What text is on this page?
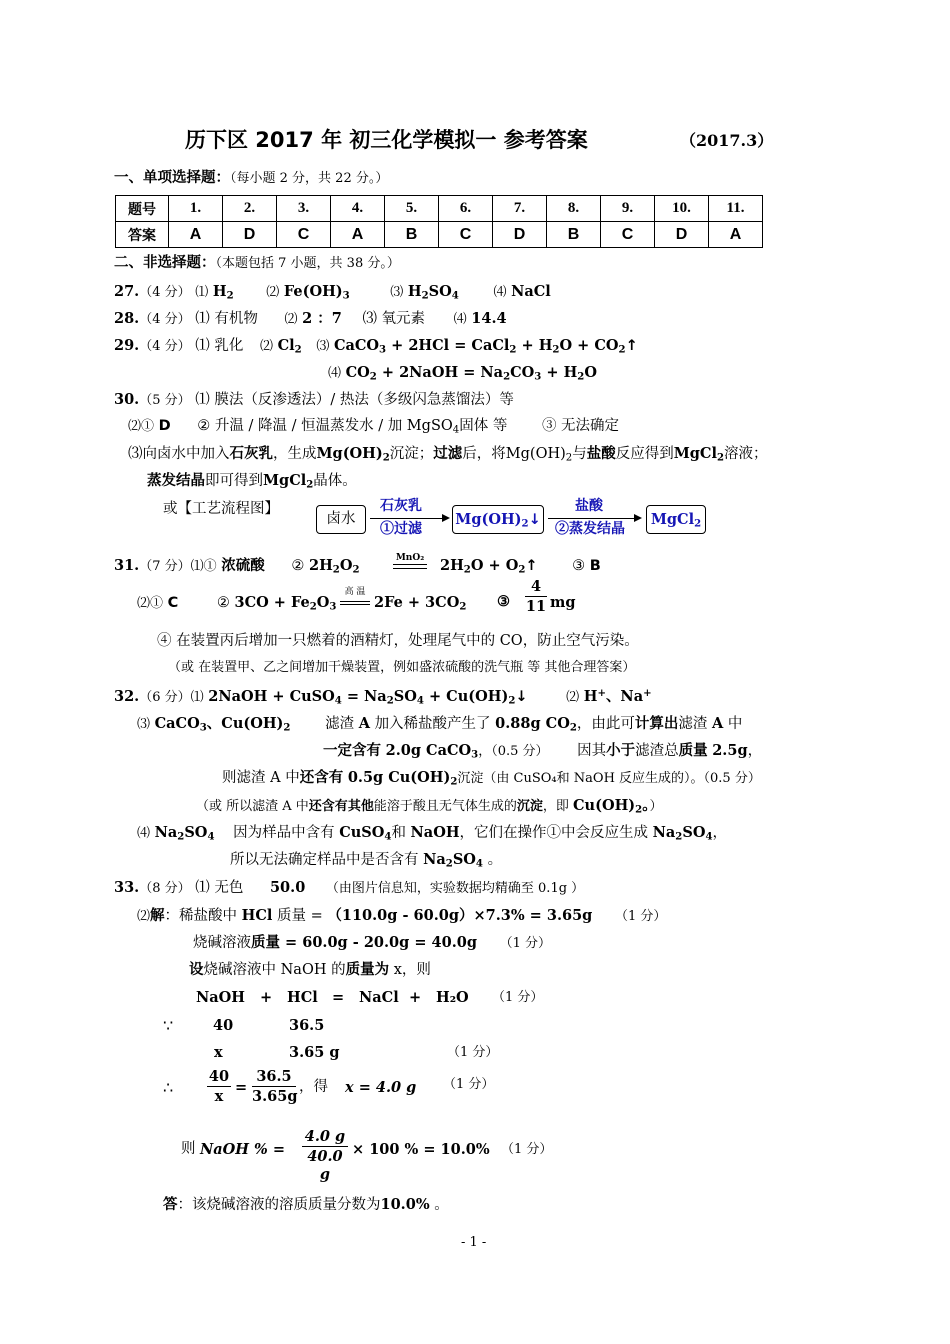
历下区 2017 年 初三化学模拟一 参考答案	（2017.3）
一、单项选择题：（每小题 2 分，共 22 分。）
题号	1.	2.	3.	4.	5.	6.	7.	8.	9.	10.	11.
答案	A	D	C	A	B	C	D	B	C	D	A
二、非选择题：（本题包括 7 小题，共 38 分。）
27.（4 分） ⑴ $H_2$	⑵ $Fe(OH)_3$	⑶ $H_2SO_4$	⑷ NaCl
28.（4 分） ⑴ 有机物 ⑵ 2 ：7 ⑶ 氧元素 ⑷ 14.4
29.（4 分） ⑴ 乳化 ⑵ $Cl_2$ ⑶ CaCO$_3$ + 2HCl = CaCl$_2$ + $H_2O$ + $CO_2↑$
⑷ $CO_2$ + 2NaOH = $Na_2CO_3 + H_2O$
30.（5 分） ⑴ 膜法（反渗透法）/ 热法（多级闪急蒸馏法）等
⑵① D ② 升温 / 降温 / 恒温蒸发水 / 加 MgSO$_4$固体 等 ③ 无法确定
⑶向卤水中加入石灰乳，生成$Mg(OH)_2$沉淀；过滤后，将$Mg(OH)_2$与盐酸反应得到MgCl$_2$溶液；
蒸发结晶即可得到MgCl$_2$晶体。
或【工艺流程图】
卤水
石灰乳
①过滤
$Mg(OH)_2↓$
盐酸
②蒸发结晶
MgCl$_2$
31.（7 分）⑴① 浓硫酸 ② $2H_2O_2$
MnO₂ $2H_2O$ + $O_2↑$ ③ B
⑵① C	② $3CO + Fe_2O_3$
高 温
$2Fe + 3CO_2$ ③
4
11 mg
④ 在装置丙后增加一只燃着的酒精灯，处理尾气中的 CO，防止空气污染。
（或 在装置甲、乙之间增加干燥装置，例如盛浓硫酸的洗气瓶 等 其他合理答案）
32.（6 分）⑴ 2NaOH + CuSO$_4$ = $Na_2SO_4$ + $Cu(OH)_2↓$	⑵ H+、Na+
⑶ CaCO$_3$、$Cu(OH)_2$ 滤渣 A 加入稀盐酸产生了 0.88g $CO_2$，由此可计算出滤渣 A 中
一定含有 2.0g CaCO$_3$，（0.5 分） 因其小于滤渣总质量 2.5g，
则滤渣 A 中还含有 0.5g $Cu(OH)_2$沉淀（由 CuSO₄和 NaOH 反应生成的）。（0.5 分）
（或 所以滤渣 A 中还含有其他能溶于酸且无气体生成的沉淀，即 $Cu(OH)_2$。）
⑷ $Na_2SO_4$ 因为样品中含有 CuSO$_4$和 NaOH，它们在操作①中会反应生成 $Na_2SO_4$，
所以无法确定样品中是否含有 $Na_2SO_4$ 。
33.（8 分） ⑴ 无色 50.0 （由图片信息知，实验数据均精确至 0.1g ）
⑵解：稀盐酸中 HCl 质量 = （110.0g - 60.0g）×7.3% = 3.65g （1 分）
烧碱溶液质量 = 60.0g - 20.0g = 40.0g （1 分）
设烧碱溶液中 NaOH 的质量为 x，则
NaOH + HCl = NaCl + H₂O （1 分）
∵	40	36.5
x	3.65 g	（1 分）
∴
40
x
=
36.5
3.65g
，得 x = 4.0 g （1 分）
则 NaOH % =
4.0 g
40.0 g
× 100 % = 10.0% （1 分）
答：该烧碱溶液的溶质质量分数为10.0% 。
- 1 -
